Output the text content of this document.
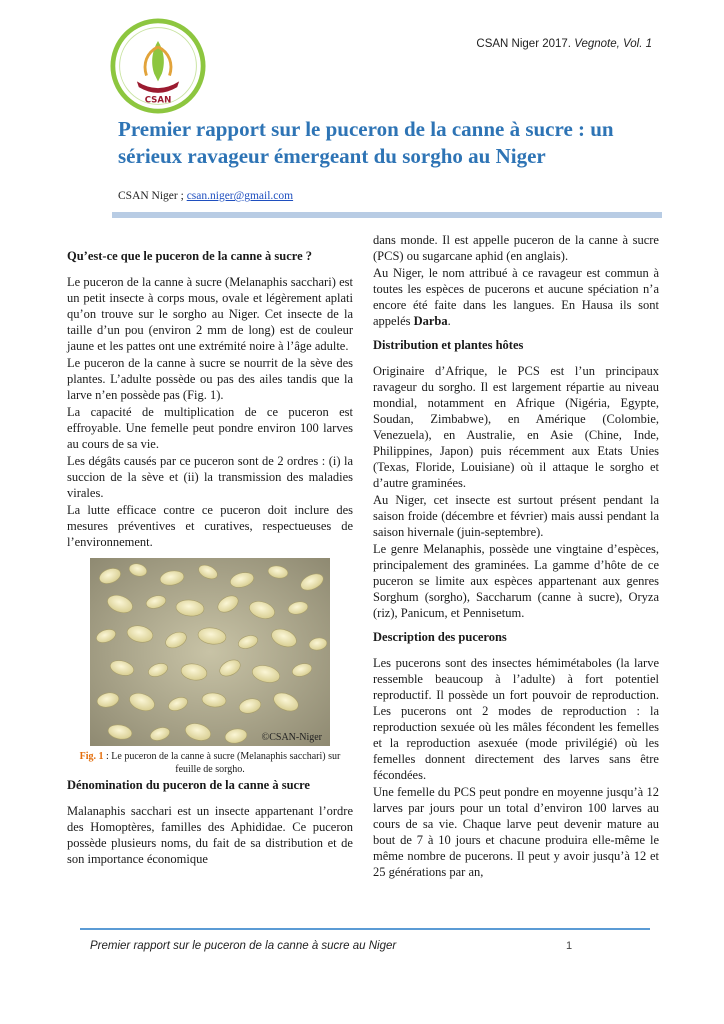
CSAN
CSAN Niger 2017. Vegnote, Vol. 1
Premier rapport sur le puceron de la canne à sucre : un sérieux ravageur émergeant du sorgho au Niger
CSAN Niger ; csan.niger@gmail.com
Qu’est-ce que le puceron de la canne à sucre ?

Le puceron de la canne à sucre (Melanaphis sacchari) est un petit insecte à corps mous, ovale et légèrement aplati qu’on trouve sur le sorgho au Niger. Cet insecte de la taille d’un pou (environ 2 mm de long) est de couleur jaune et les pattes ont une extrémité noire à l’âge adulte.

Le puceron de la canne à sucre se nourrit de la sève des plantes. L’adulte possède ou pas des ailes tandis que la larve n’en possède pas (Fig. 1).

La capacité de multiplication de ce puceron est effroyable. Une femelle peut pondre environ 100 larves au cours de sa vie.

Les dégâts causés par ce puceron sont de 2 ordres : (i) la succion de la sève et (ii) la transmission des maladies virales.

La lutte efficace contre ce puceron doit inclure des mesures préventives et curatives, respectueuses de l’environnement.

©CSAN-Niger

Fig. 1 : Le puceron de la canne à sucre (Melanaphis sacchari) sur feuille de sorgho.

Dénomination du puceron de la canne à sucre

Malanaphis sacchari est un insecte appartenant l’ordre des Homoptères, familles des Aphididae. Ce puceron possède plusieurs noms, du fait de sa distribution et de son importance économique

dans monde. Il est appelle puceron de la canne à sucre (PCS) ou sugarcane aphid (en anglais).

Au Niger, le nom attribué à ce ravageur est commun à toutes les espèces de pucerons et aucune spéciation n’a encore été faite dans les langues. En Hausa ils sont appelés Darba.

Distribution et plantes hôtes

Originaire d’Afrique, le PCS est l’un principaux ravageur du sorgho. Il est largement répartie au niveau mondial, notamment en Afrique (Nigéria, Egypte, Soudan, Zimbabwe), en Amérique (Colombie, Venezuela), en Australie, en Asie (Chine, Inde, Philippines, Japon) puis récemment aux Etats Unies (Texas, Floride, Louisiane) où il attaque le sorgho et d’autre graminées.

Au Niger, cet insecte est surtout présent pendant la saison froide (décembre et février) mais aussi pendant la saison hivernale (juin-septembre).

Le genre Melanaphis, possède une vingtaine d’espèces, principalement des graminées. La gamme d’hôte de ce puceron se limite aux espèces appartenant aux genres Sorghum (sorgho), Saccharum (canne à sucre), Oryza (riz), Panicum, et Pennisetum.

Description des pucerons

Les pucerons sont des insectes hémimétaboles (la larve ressemble beaucoup à l’adulte) à fort potentiel reproductif. Il possède un fort pouvoir de reproduction. Les pucerons ont 2 modes de reproduction : la reproduction sexuée où les mâles fécondent les femelles et la reproduction asexuée (mode privilégié) où les femelles donnent directement des larves sans être fécondées.

Une femelle du PCS peut pondre en moyenne jusqu’à 12 larves par jours pour un total d’environ 100 larves au cours de sa vie. Chaque larve peut devenir mature au bout de 7 à 10 jours et chacune produira elle-même le même nombre de pucerons. Il peut y avoir jusqu’à 12 et 25 générations par an,

Premier rapport sur le puceron de la canne à sucre au Niger	1
